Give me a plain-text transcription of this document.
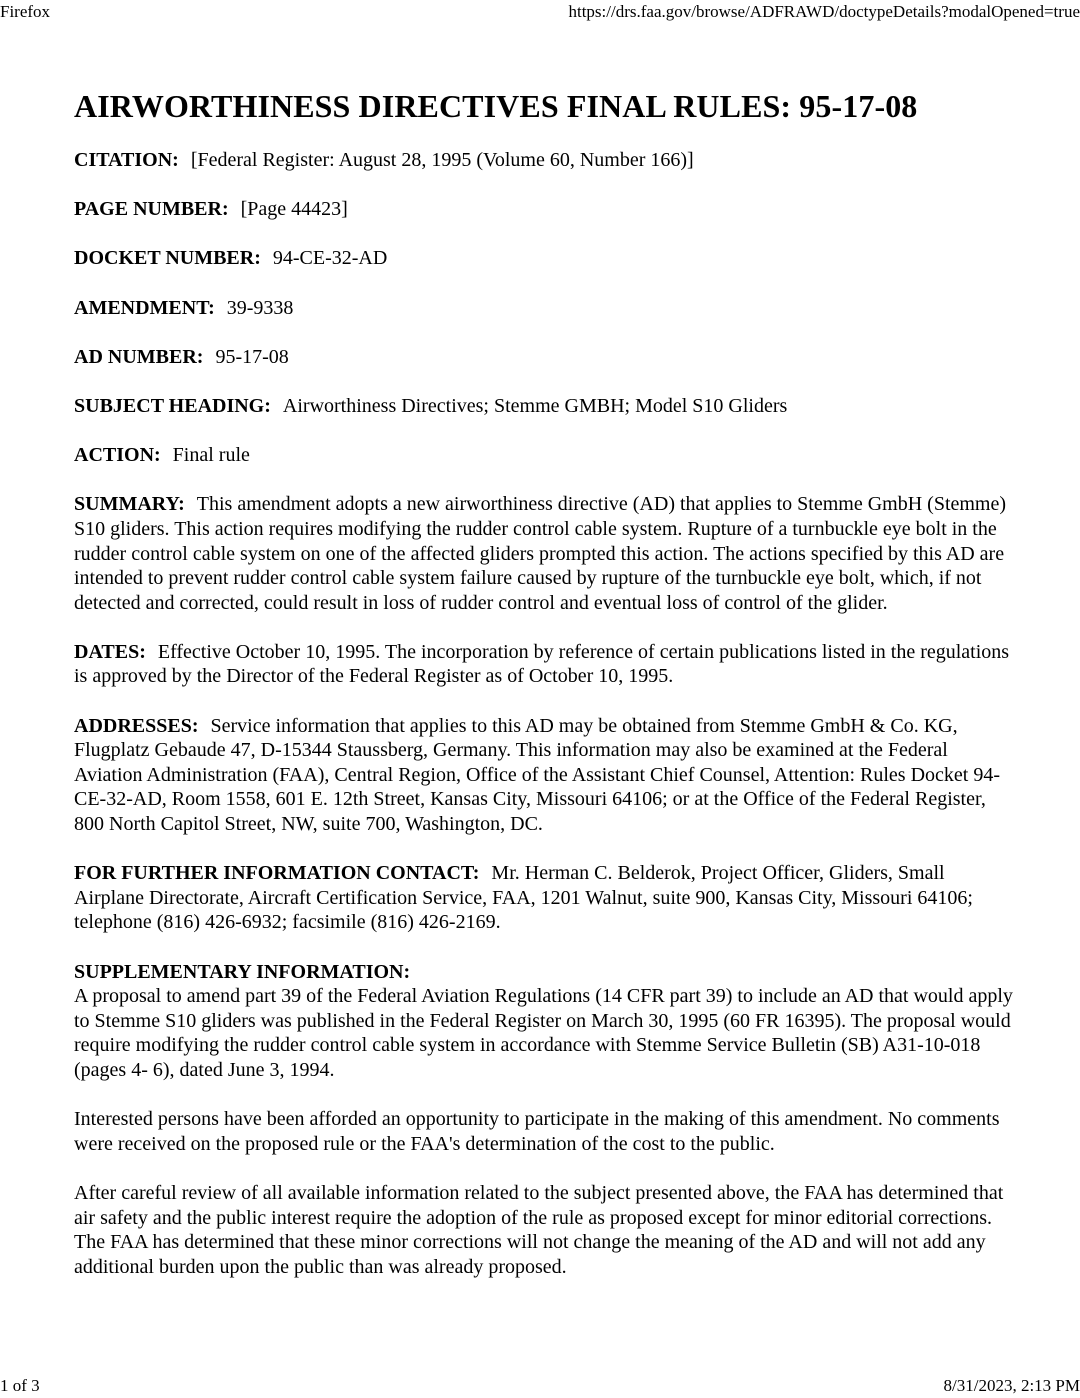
Firefox	https://drs.faa.gov/browse/ADFRAWD/doctypeDetails?modalOpened=true
AIRWORTHINESS DIRECTIVES FINAL RULES: 95-17-08
CITATION: [Federal Register: August 28, 1995 (Volume 60, Number 166)]
PAGE NUMBER: [Page 44423]
DOCKET NUMBER: 94-CE-32-AD
AMENDMENT: 39-9338
AD NUMBER: 95-17-08
SUBJECT HEADING: Airworthiness Directives; Stemme GMBH; Model S10 Gliders
ACTION: Final rule
SUMMARY: This amendment adopts a new airworthiness directive (AD) that applies to Stemme GmbH (Stemme) S10 gliders. This action requires modifying the rudder control cable system. Rupture of a turnbuckle eye bolt in the rudder control cable system on one of the affected gliders prompted this action. The actions specified by this AD are intended to prevent rudder control cable system failure caused by rupture of the turnbuckle eye bolt, which, if not detected and corrected, could result in loss of rudder control and eventual loss of control of the glider.
DATES: Effective October 10, 1995. The incorporation by reference of certain publications listed in the regulations is approved by the Director of the Federal Register as of October 10, 1995.
ADDRESSES: Service information that applies to this AD may be obtained from Stemme GmbH & Co. KG, Flugplatz Gebaude 47, D-15344 Staussberg, Germany. This information may also be examined at the Federal Aviation Administration (FAA), Central Region, Office of the Assistant Chief Counsel, Attention: Rules Docket 94-CE-32-AD, Room 1558, 601 E. 12th Street, Kansas City, Missouri 64106; or at the Office of the Federal Register, 800 North Capitol Street, NW, suite 700, Washington, DC.
FOR FURTHER INFORMATION CONTACT: Mr. Herman C. Belderok, Project Officer, Gliders, Small Airplane Directorate, Aircraft Certification Service, FAA, 1201 Walnut, suite 900, Kansas City, Missouri 64106; telephone (816) 426-6932; facsimile (816) 426-2169.
SUPPLEMENTARY INFORMATION:

A proposal to amend part 39 of the Federal Aviation Regulations (14 CFR part 39) to include an AD that would apply to Stemme S10 gliders was published in the Federal Register on March 30, 1995 (60 FR 16395). The proposal would require modifying the rudder control cable system in accordance with Stemme Service Bulletin (SB) A31-10-018 (pages 4- 6), dated June 3, 1994.

Interested persons have been afforded an opportunity to participate in the making of this amendment. No comments were received on the proposed rule or the FAA's determination of the cost to the public.

After careful review of all available information related to the subject presented above, the FAA has determined that air safety and the public interest require the adoption of the rule as proposed except for minor editorial corrections. The FAA has determined that these minor corrections will not change the meaning of the AD and will not add any additional burden upon the public than was already proposed.

1 of 3	8/31/2023, 2:13 PM
